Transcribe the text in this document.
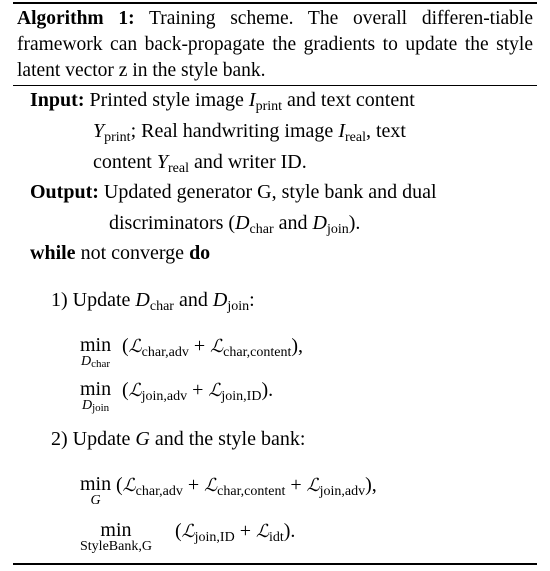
Algorithm 1: Training scheme. The overall differen-tiable framework can back-propagate the gradients to update the style latent vector z in the style bank.
Input: Printed style image $I_{print}$ and text content
$Y_{print}$; Real handwriting image $I_{real}$, text
content $Y_{real}$ and writer ID.
Output: Updated generator G, style bank and dual
discriminators ($D_{char}$ and $D_{join}$).
while not converge do
1) Update $D_{char}$ and $D_{join}$:
min
Dchar
(ℒ$_{char,adv}$ + ℒ$_{char,content}$),
min
Djoin
(ℒ$_{join,adv}$ + ℒ$_{join,ID}$).
2) Update G and the style bank:
min
G
(ℒ$_{char,adv}$ + ℒ$_{char,content}$ + ℒ$_{join,adv}$),
min
StyleBank,G
(ℒ$_{join,ID}$ + ℒ$_{idt}$).
